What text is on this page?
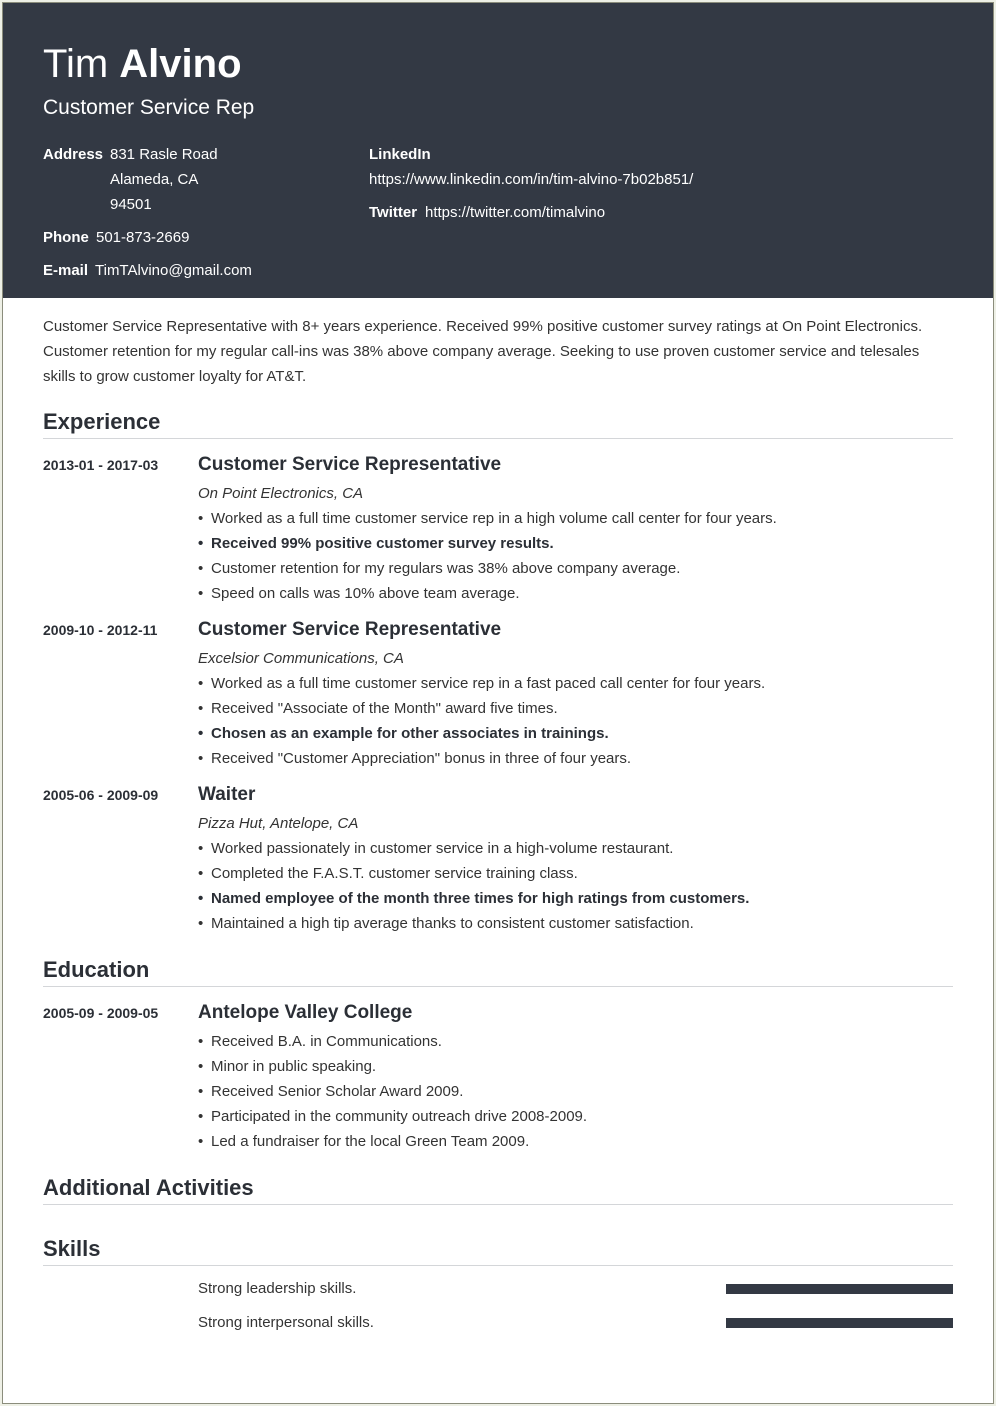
Tim Alvino
Customer Service Rep
Address 831 Rasle Road
Alameda, CA
94501
Phone 501-873-2669
E-mail TimTAlvino@gmail.com
LinkedIn
https://www.linkedin.com/in/tim-alvino-7b02b851/
Twitter https://twitter.com/timalvino
Customer Service Representative with 8+ years experience. Received 99% positive customer survey ratings at On Point Electronics. Customer retention for my regular call-ins was 38% above company average. Seeking to use proven customer service and telesales skills to grow customer loyalty for AT&T.
Experience
2013-01 - 2017-03 Customer Service Representative
On Point Electronics, CA
• Worked as a full time customer service rep in a high volume call center for four years.
• Received 99% positive customer survey results.
• Customer retention for my regulars was 38% above company average.
• Speed on calls was 10% above team average.
2009-10 - 2012-11 Customer Service Representative
Excelsior Communications, CA
• Worked as a full time customer service rep in a fast paced call center for four years.
• Received "Associate of the Month" award five times.
• Chosen as an example for other associates in trainings.
• Received "Customer Appreciation" bonus in three of four years.
2005-06 - 2009-09 Waiter
Pizza Hut, Antelope, CA
• Worked passionately in customer service in a high-volume restaurant.
• Completed the F.A.S.T. customer service training class.
• Named employee of the month three times for high ratings from customers.
• Maintained a high tip average thanks to consistent customer satisfaction.
Education
2005-09 - 2009-05 Antelope Valley College
• Received B.A. in Communications.
• Minor in public speaking.
• Received Senior Scholar Award 2009.
• Participated in the community outreach drive 2008-2009.
• Led a fundraiser for the local Green Team 2009.
Additional Activities
Skills
Strong leadership skills.
Strong interpersonal skills.
